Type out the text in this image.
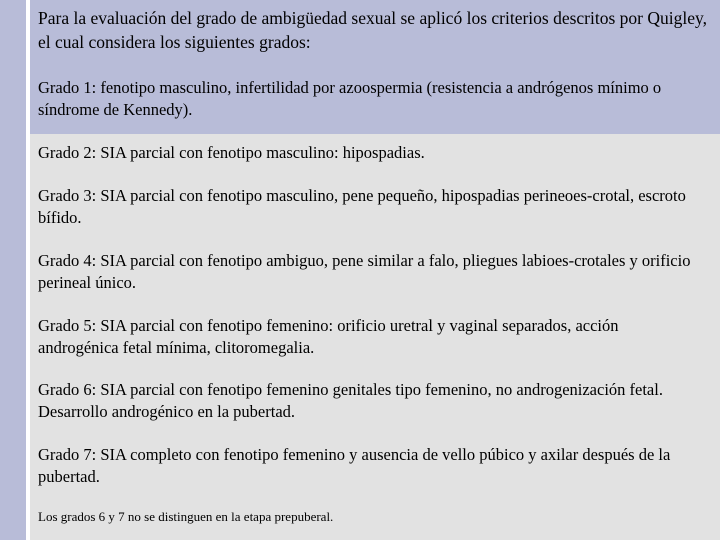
Para la evaluación del grado de ambigüedad sexual se aplicó los criterios descritos por Quigley, el cual considera los siguientes grados:
Grado 1: fenotipo masculino, infertilidad por azoospermia (resistencia a andrógenos mínimo o síndrome de Kennedy).
Grado 2: SIA parcial con fenotipo masculino: hipospadias.
Grado 3: SIA parcial con fenotipo masculino, pene pequeño, hipospadias perineoes-crotal, escroto bífido.
Grado 4: SIA parcial con fenotipo ambiguo, pene similar a falo, pliegues labioes-crotales y orificio perineal único.
Grado 5: SIA parcial con fenotipo femenino: orificio uretral y vaginal separados, acción androgénica fetal mínima, clitoromegalia.
Grado 6: SIA parcial con fenotipo femenino genitales tipo femenino, no androgenización fetal. Desarrollo androgénico en la pubertad.
Grado 7: SIA completo con fenotipo femenino y ausencia de vello púbico y axilar después de la pubertad.
Los grados 6 y 7 no se distinguen en la etapa prepuberal.
